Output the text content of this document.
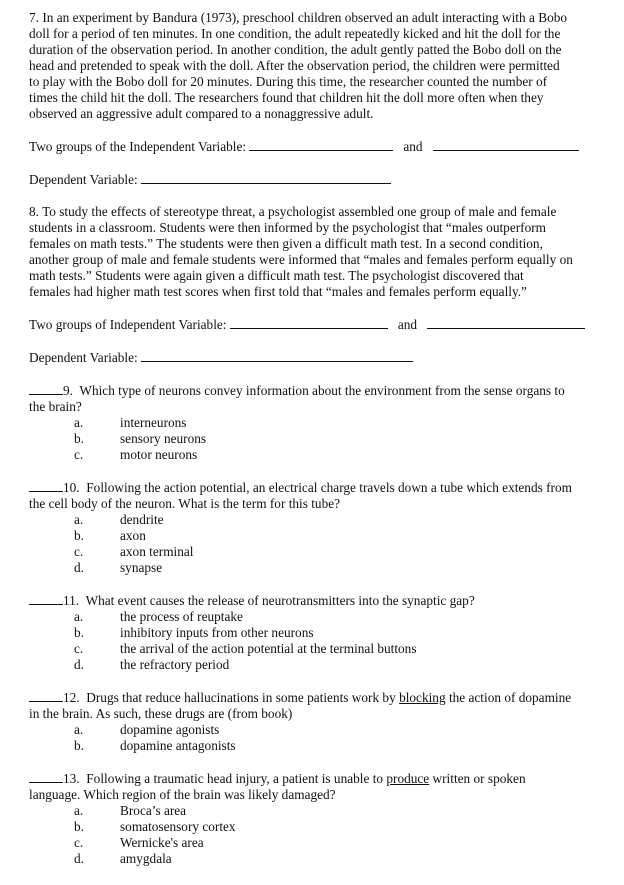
7. In an experiment by Bandura (1973), preschool children observed an adult interacting with a Bobo

doll for a period of ten minutes. In one condition, the adult repeatedly kicked and hit the doll for the

duration of the observation period. In another condition, the adult gently patted the Bobo doll on the

head and pretended to speak with the doll. After the observation period, the children were permitted

to play with the Bobo doll for 20 minutes. During this time, the researcher counted the number of

times the child hit the doll. The researchers found that children hit the doll more often when they

observed an aggressive adult compared to a nonaggressive adult.

Two groups of the Independent Variable:	and

Dependent Variable:

8. To study the effects of stereotype threat, a psychologist assembled one group of male and female

students in a classroom. Students were then informed by the psychologist that “males outperform

females on math tests.” The students were then given a difficult math test. In a second condition,

another group of male and female students were informed that “males and females perform equally on

math tests.” Students were again given a difficult math test. The psychologist discovered that

females had higher math test scores when first told that “males and females perform equally.”

Two groups of Independent Variable:	and

Dependent Variable:

9. Which type of neurons convey information about the environment from the sense organs to

the brain?

a.	interneurons
b.	sensory neurons
c.	motor neurons

10. Following the action potential, an electrical charge travels down a tube which extends from

the cell body of the neuron. What is the term for this tube?

a.	dendrite
b.	axon
c.	axon terminal
d.	synapse

11. What event causes the release of neurotransmitters into the synaptic gap?

a.	the process of reuptake
b.	inhibitory inputs from other neurons
c.	the arrival of the action potential at the terminal buttons
d.	the refractory period

12. Drugs that reduce hallucinations in some patients work by blocking the action of dopamine

in the brain. As such, these drugs are (from book)

a.	dopamine agonists
b.	dopamine antagonists

13. Following a traumatic head injury, a patient is unable to produce written or spoken

language. Which region of the brain was likely damaged?

a.	Broca’s area
b.	somatosensory cortex
c.	Wernicke's area
d.	amygdala
